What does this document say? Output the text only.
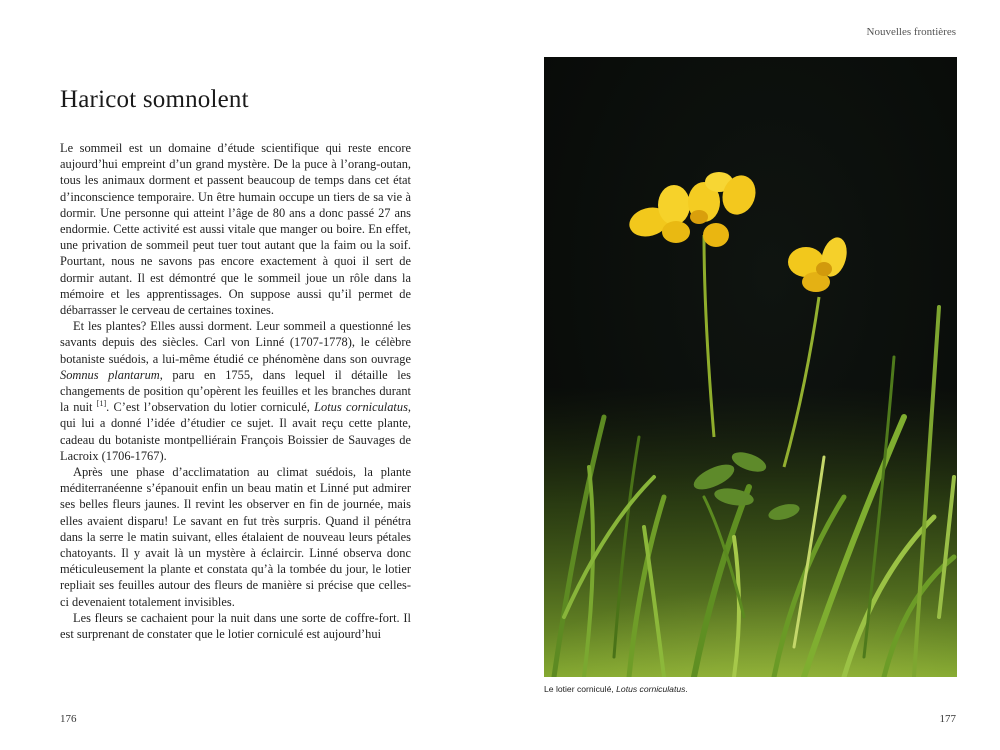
Haricot somnolent

Le sommeil est un domaine d’étude scientifique qui reste encore aujourd’hui empreint d’un grand mystère. De la puce à l’orang-outan, tous les animaux dorment et passent beaucoup de temps dans cet état d’inconscience temporaire. Un être humain occupe un tiers de sa vie à dormir. Une personne qui atteint l’âge de 80 ans a donc passé 27 ans endormie. Cette activité est aussi vitale que manger ou boire. En effet, une privation de sommeil peut tuer tout autant que la faim ou la soif. Pourtant, nous ne savons pas encore exactement à quoi il sert de dormir autant. Il est démontré que le sommeil joue un rôle dans la mémoire et les apprentissages. On suppose aussi qu’il permet de débarrasser le cerveau de certaines toxines.

Et les plantes? Elles aussi dorment. Leur sommeil a questionné les savants depuis des siècles. Carl von Linné (1707-1778), le célèbre botaniste suédois, a lui-même étudié ce phénomène dans son ouvrage Somnus plantarum, paru en 1755, dans lequel il détaille les changements de position qu’opèrent les feuilles et les branches durant la nuit [1]. C’est l’observation du lotier corniculé, Lotus corniculatus, qui lui a donné l’idée d’étudier ce sujet. Il avait reçu cette plante, cadeau du botaniste montpelliérain François Boissier de Sauvages de Lacroix (1706-1767).

Après une phase d’acclimatation au climat suédois, la plante méditerranéenne s’épanouit enfin un beau matin et Linné put admirer ses belles fleurs jaunes. Il revint les observer en fin de journée, mais elles avaient disparu! Le savant en fut très surpris. Quand il pénétra dans la serre le matin suivant, elles étalaient de nouveau leurs pétales chatoyants. Il y avait là un mystère à éclaircir. Linné observa donc méticuleusement la plante et constata qu’à la tombée du jour, le lotier repliait ses feuilles autour des fleurs de manière si précise que celles-ci devenaient totalement invisibles.

Les fleurs se cachaient pour la nuit dans une sorte de coffre-fort. Il est surprenant de constater que le lotier corniculé est aujourd’hui

176
Nouvelles frontières
Le lotier corniculé, Lotus corniculatus.
177
